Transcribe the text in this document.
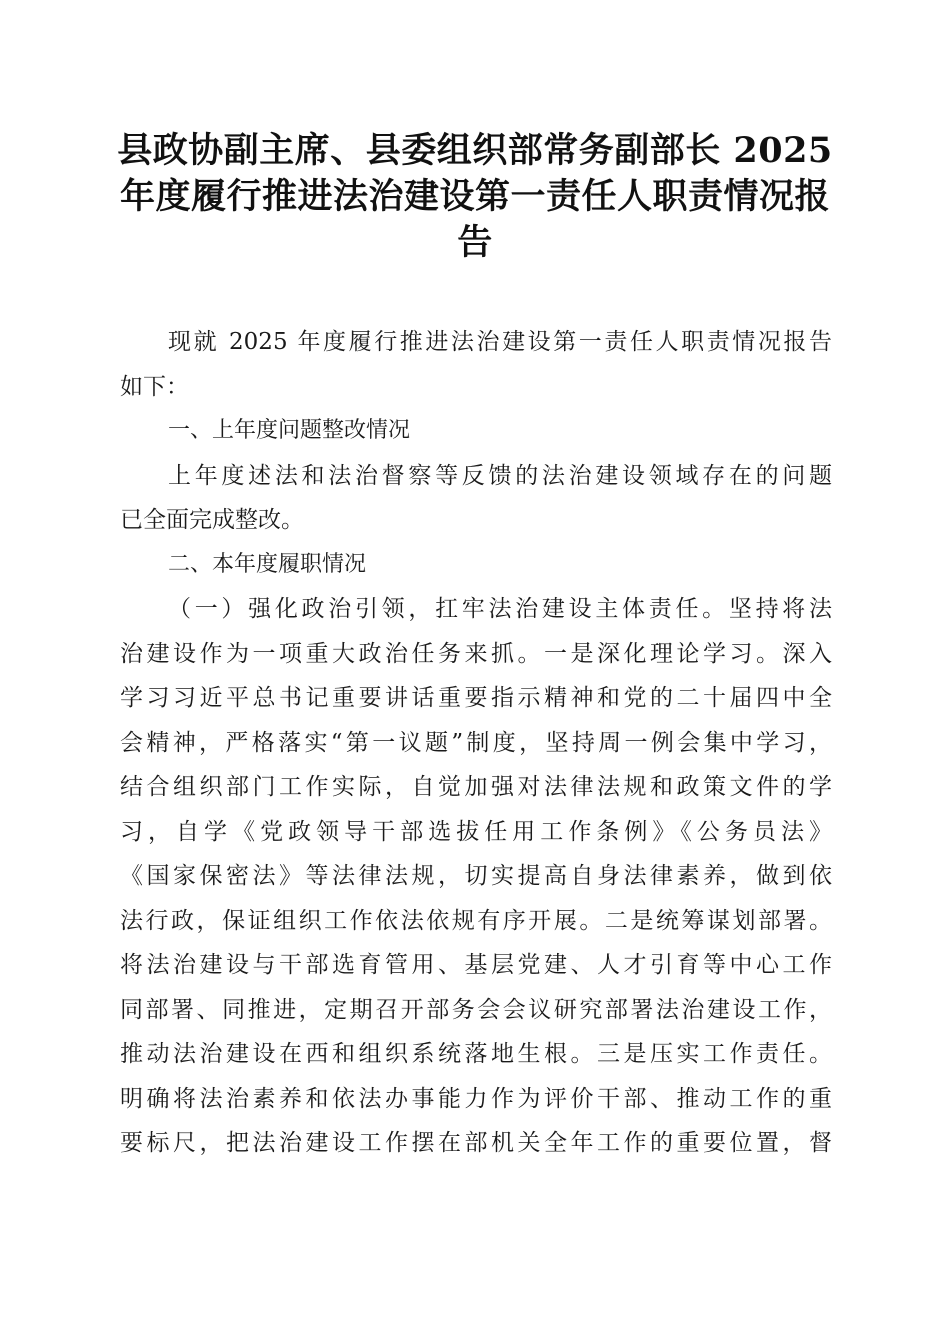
县政协副主席、县委组织部常务副部长 2025
年度履行推进法治建设第一责任人职责情况报
告
现就 2025 年度履行推进法治建设第一责任人职责情况报告
如下：
一、上年度问题整改情况
上年度述法和法治督察等反馈的法治建设领域存在的问题
已全面完成整改。
二、本年度履职情况
（一）强化政治引领，扛牢法治建设主体责任。坚持将法
治建设作为一项重大政治任务来抓。一是深化理论学习。深入
学习习近平总书记重要讲话重要指示精神和党的二十届四中全
会精神，严格落实“第一议题”制度，坚持周一例会集中学习，
结合组织部门工作实际，自觉加强对法律法规和政策文件的学
习，自学《党政领导干部选拔任用工作条例》《公务员法》
《国家保密法》等法律法规，切实提高自身法律素养，做到依
法行政，保证组织工作依法依规有序开展。二是统筹谋划部署。
将法治建设与干部选育管用、基层党建、人才引育等中心工作
同部署、同推进，定期召开部务会会议研究部署法治建设工作，
推动法治建设在西和组织系统落地生根。三是压实工作责任。
明确将法治素养和依法办事能力作为评价干部、推动工作的重
要标尺，把法治建设工作摆在部机关全年工作的重要位置，督
